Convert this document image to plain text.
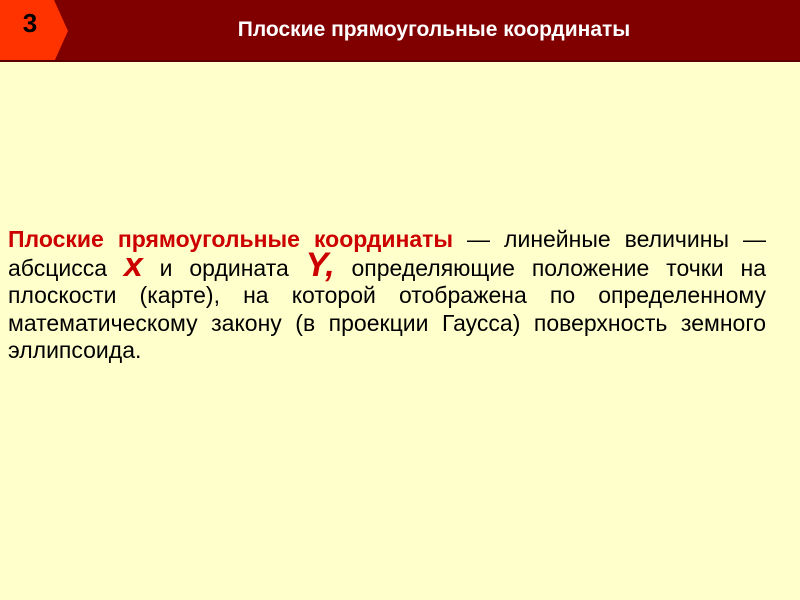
3	Плоские прямоугольные координаты

Плоские прямоугольные координаты — линейные величины — абсцисса x и ордината Y, определяющие положение точки на плоскости (карте), на которой отображена по определенному математическому закону (в проекции Гаусса) поверхность земного эллипсоида.
